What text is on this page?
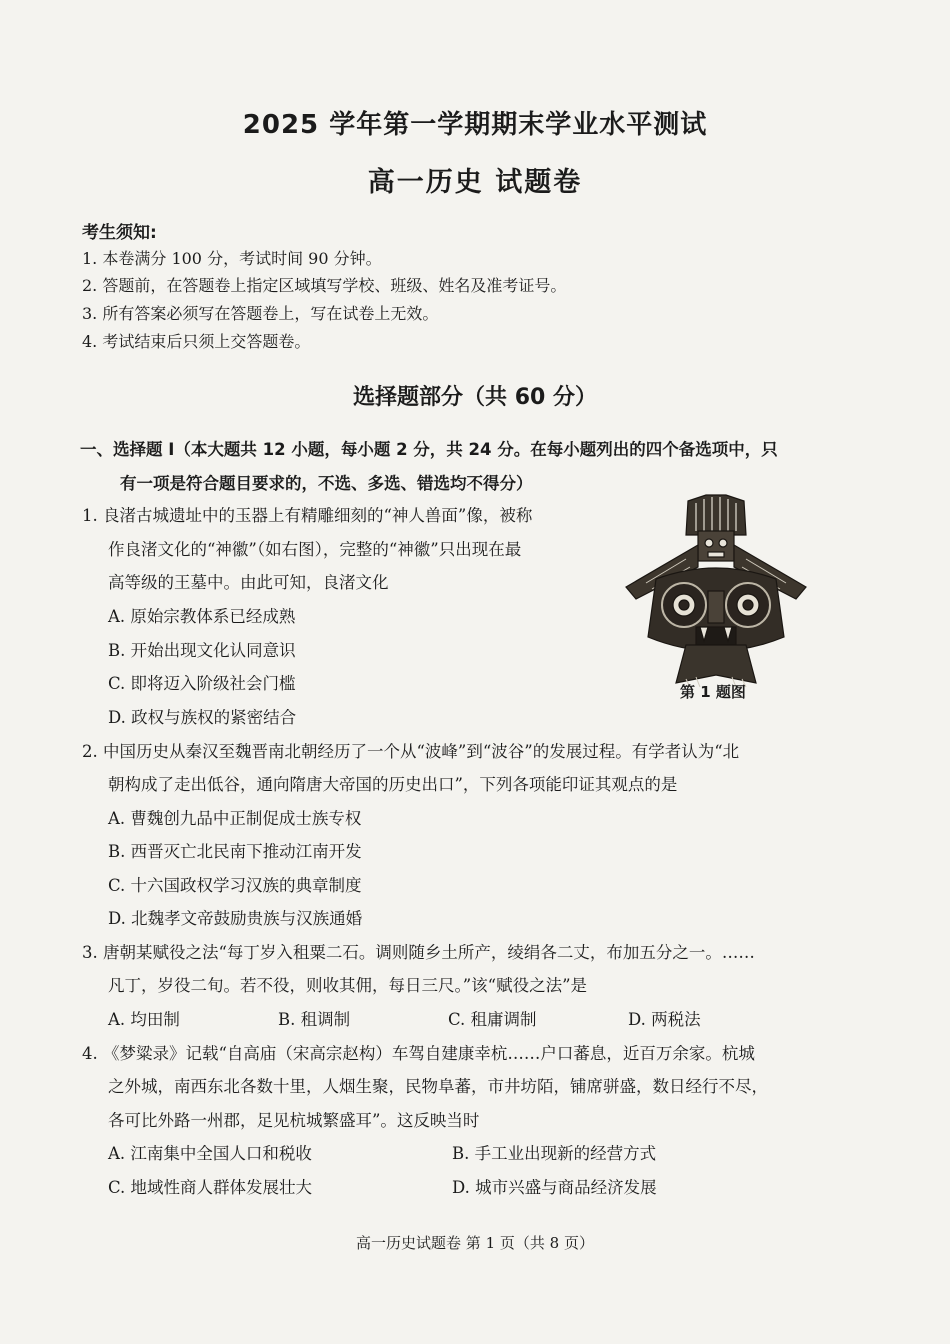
2025 学年第一学期期末学业水平测试
高一历史 试题卷
考生须知:
1. 本卷满分 100 分，考试时间 90 分钟。
2. 答题前，在答题卷上指定区域填写学校、班级、姓名及准考证号。
3. 所有答案必须写在答题卷上，写在试卷上无效。
4. 考试结束后只须上交答题卷。
选择题部分（共 60 分）
一、选择题 I（本大题共 12 小题，每小题 2 分，共 24 分。在每小题列出的四个备选项中，只
有一项是符合题目要求的，不选、多选、错选均不得分）
1. 良渚古城遗址中的玉器上有精雕细刻的“神人兽面”像，被称
作良渚文化的“神徽”（如右图），完整的“神徽”只出现在最
高等级的王墓中。由此可知，良渚文化
A. 原始宗教体系已经成熟
B. 开始出现文化认同意识
C. 即将迈入阶级社会门槛
D. 政权与族权的紧密结合
第 1 题图
2. 中国历史从秦汉至魏晋南北朝经历了一个从“波峰”到“波谷”的发展过程。有学者认为“北
朝构成了走出低谷，通向隋唐大帝国的历史出口”，下列各项能印证其观点的是
A. 曹魏创九品中正制促成士族专权
B. 西晋灭亡北民南下推动江南开发
C. 十六国政权学习汉族的典章制度
D. 北魏孝文帝鼓励贵族与汉族通婚
3. 唐朝某赋役之法“每丁岁入租粟二石。调则随乡土所产，绫绢各二丈，布加五分之一。……
凡丁，岁役二旬。若不役，则收其佣，每日三尺。”该“赋役之法”是
A. 均田制	B. 租调制	C. 租庸调制	D. 两税法
4. 《梦粱录》记载“自高庙（宋高宗赵构）车驾自建康幸杭……户口蕃息，近百万余家。杭城
之外城，南西东北各数十里，人烟生聚，民物阜蕃，市井坊陌，铺席骈盛，数日经行不尽，
各可比外路一州郡，足见杭城繁盛耳”。这反映当时
A. 江南集中全国人口和税收	B. 手工业出现新的经营方式
C. 地域性商人群体发展壮大	D. 城市兴盛与商品经济发展
高一历史试题卷 第 1 页（共 8 页）
